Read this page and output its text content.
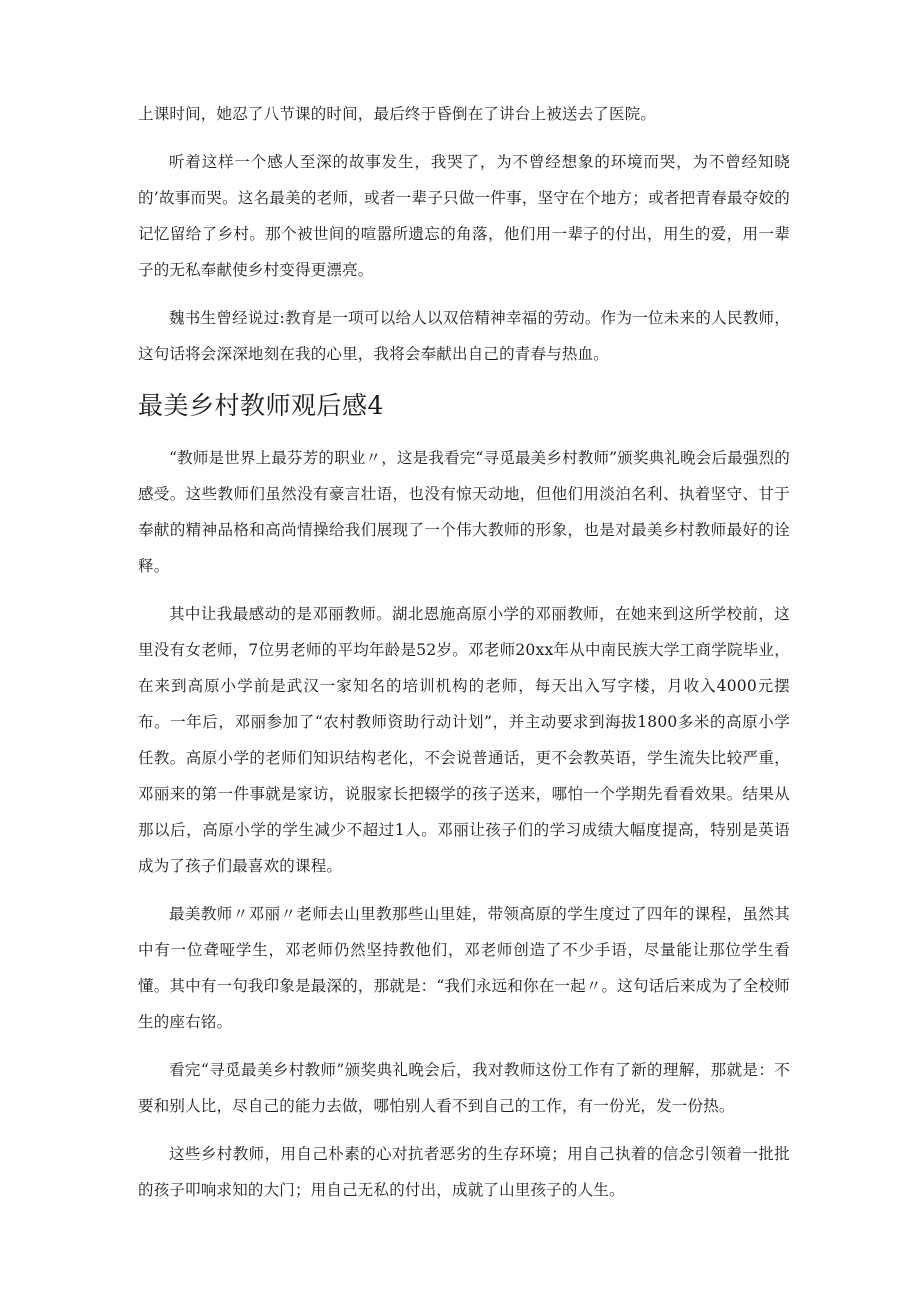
上课时间，她忍了八节课的时间，最后终于昏倒在了讲台上被送去了医院。

听着这样一个感人至深的故事发生，我哭了，为不曾经想象的环境而哭，为不曾经知晓的’故事而哭。这名最美的老师，或者一辈子只做一件事，坚守在个地方；或者把青春最夺姣的记忆留给了乡村。那个被世间的喧嚣所遗忘的角落，他们用一辈子的付出，用生的爱，用一辈子的无私奉献使乡村变得更漂亮。

魏书生曾经说过:教育是一项可以给人以双倍精神幸福的劳动。作为一位未来的人民教师，这句话将会深深地刻在我的心里，我将会奉献出自己的青春与热血。

最美乡村教师观后感4

“教师是世界上最芬芳的职业〃，这是我看完“寻觅最美乡村教师”颁奖典礼晚会后最强烈的感受。这些教师们虽然没有豪言壮语，也没有惊天动地，但他们用淡泊名利、执着坚守、甘于奉献的精神品格和高尚情操给我们展现了一个伟大教师的形象，也是对最美乡村教师最好的诠释。

其中让我最感动的是邓丽教师。湖北恩施高原小学的邓丽教师，在她来到这所学校前，这里没有女老师，7位男老师的平均年龄是52岁。邓老师20xx年从中南民族大学工商学院毕业，在来到高原小学前是武汉一家知名的培训机构的老师，每天出入写字楼，月收入4000元摆布。一年后，邓丽参加了“农村教师资助行动计划”，并主动要求到海拔1800多米的高原小学任教。高原小学的老师们知识结构老化，不会说普通话，更不会教英语，学生流失比较严重，邓丽来的第一件事就是家访，说服家长把辍学的孩子送来，哪怕一个学期先看看效果。结果从那以后，高原小学的学生减少不超过1人。邓丽让孩子们的学习成绩大幅度提高，特别是英语成为了孩子们最喜欢的课程。

最美教师〃邓丽〃老师去山里教那些山里娃，带领高原的学生度过了四年的课程，虽然其中有一位聋哑学生，邓老师仍然坚持教他们，邓老师创造了不少手语，尽量能让那位学生看懂。其中有一句我印象是最深的，那就是：“我们永远和你在一起〃。这句话后来成为了全校师生的座右铭。

看完“寻觅最美乡村教师”颁奖典礼晚会后，我对教师这份工作有了新的理解，那就是：不要和别人比，尽自己的能力去做，哪怕别人看不到自己的工作，有一份光，发一份热。

这些乡村教师，用自己朴素的心对抗者恶劣的生存环境；用自己执着的信念引领着一批批的孩子叩响求知的大门；用自己无私的付出，成就了山里孩子的人生。
